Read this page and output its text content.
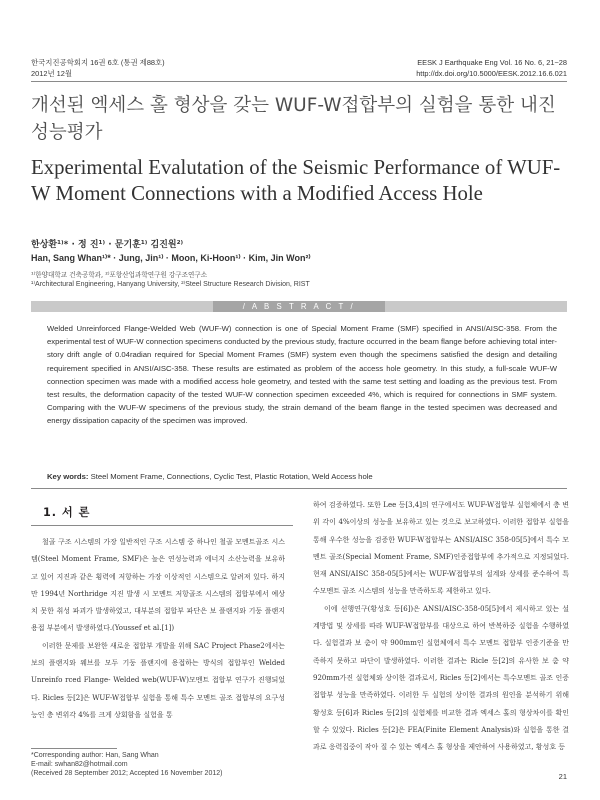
한국지진공학회지 16권 6호 (통권 제88호)
2012년 12월
EESK J Earthquake Eng Vol. 16 No. 6, 21~28
http://dx.doi.org/10.5000/EESK.2012.16.6.021
개선된 엑세스 홀 형상을 갖는 WUF-W접합부의 실험을 통한 내진성능평가
Experimental Evalutation of the Seismic Performance of WUF-W Moment Connections with a Modified Access Hole
한상환¹⁾* · 정 진¹⁾ · 문기훈¹⁾ 김진원²⁾
Han, Sang Whan¹⁾* · Jung, Jin¹⁾ · Moon, Ki-Hoon¹⁾ · Kim, Jin Won²⁾
¹⁾한양대학교 건축공학과, ²⁾포항산업과학연구원 강구조연구소
¹⁾Architectural Engineering, Hanyang University, ²⁾Steel Structure Research Division, RIST
/ A B S T R A C T /

Welded Unreinforced Flange-Welded Web (WUF-W) connection is one of Special Moment Frame (SMF) specified in ANSI/AISC-358. From the experimental test of WUF-W connection specimens conducted by the previous study, fracture occurred in the beam flange before achieving total inter-story drift angle of 0.04radian required for Special Moment Frames (SMF) system even though the specimens satisfied the design and detailing requirement specified in ANSI/AISC-358. These results are estimated as problem of the access hole geometry. In this study, a full-scale WUF-W connection specimen was made with a modified access hole geometry, and tested with the same test setting and loading as the previous test. From test results, the deformation capacity of the tested WUF-W connection specimen exceeded 4%, which is required for connections in SMF system. Comparing with the WUF-W specimens of the previous study, the strain demand of the beam flange in the tested specimen was decreased and energy dissipation capacity of the specimen was improved.

Key words: Steel Moment Frame, Connections, Cyclic Test, Plastic Rotation, Weld Access hole
1. 서 론

철골 구조 시스템의 가장 일반적인 구조 시스템 중 하나인 철골 모멘트골조 시스템(Steel Moment Frame, SMF)은 높은 연성능력과 에너지 소산능력을 보유하고 있어 지진과 같은 횡력에 저항하는 가장 이상적인 시스템으로 알려져 있다. 하지만 1994년 Northridge 지진 발생 시 모멘트 저항골조 시스템의 접합부에서 예상치 못한 취성 파괴가 발생하였고, 대부분의 접합부 파단은 보 플랜지와 기둥 플랜지 용접 부분에서 발생하였다.(Youssef et al.[1])

이러한 문제를 보완한 새로운 접합부 개발을 위해 SAC Project Phase2에서는 보의 플랜지와 웨브를 모두 기둥 플랜지에 용접하는 방식의 접합부인 Welded Unreinfo rced Flange- Welded web(WUF-W)모멘트 접합부 연구가 진행되었다. Ricles 등[2]은 WUF-W접합부 실험을 통해 특수 모멘트 골조 접합부의 요구성능인 층 변위각 4%를 크게 상회함을 실험을 통

하여 검증하였다. 또한 Lee 등[3,4]의 연구에서도 WUF-W접합부 실험체에서 층 변위 각이 4%이상의 성능을 보유하고 있는 것으로 보고하였다. 이러한 접합부 실험을 통해 우수한 성능을 검증한 WUF-W접합부는 ANSI/AISC 358-05[5]에서 특수 모멘트 골조(Special Moment Frame, SMF)인증접합부에 추가적으로 지정되었다. 현재 ANSI/AISC 358-05[5]에서는 WUF-W접합부의 설계와 상세를 준수하여 특수모멘트 골조 시스템의 성능을 만족하도록 제한하고 있다.

이에 선행연구(황성호 등[6])은 ANSI/AISC-358-05[5]에서 제시하고 있는 설계방법 및 상세를 따라 WUF-W접합부를 대상으로 하여 반복하중 실험을 수행하였다. 실험결과 보 춤이 약 900mm인 실험체에서 특수 모멘트 접합부 인증기준을 만족하지 못하고 파단이 발생하였다. 이러한 결과는 Ricle 등[2]의 유사한 보 춤 약 920mm가진 실험체와 상이한 결과로서, Ricles 등[2]에서는 특수모멘트 골조 인증접합부 성능을 만족하였다. 이러한 두 실험의 상이한 결과의 원인을 분석하기 위해 황성호 등[6]과 Ricles 등[2]의 실험체를 비교한 결과 엑세스 홀의 형상차이를 확인할 수 있었다. Ricles 등[2]은 FEA(Finite Element Analysis)와 실험을 통한 결과로 응력집중이 작아 질 수 있는 엑세스 홀 형상을 제안하여 사용하였고, 황성호 등

*Corresponding author: Han, Sang Whan
E-mail: swhan82@hotmail.com
(Received 28 September 2012; Accepted 16 November 2012)	21
